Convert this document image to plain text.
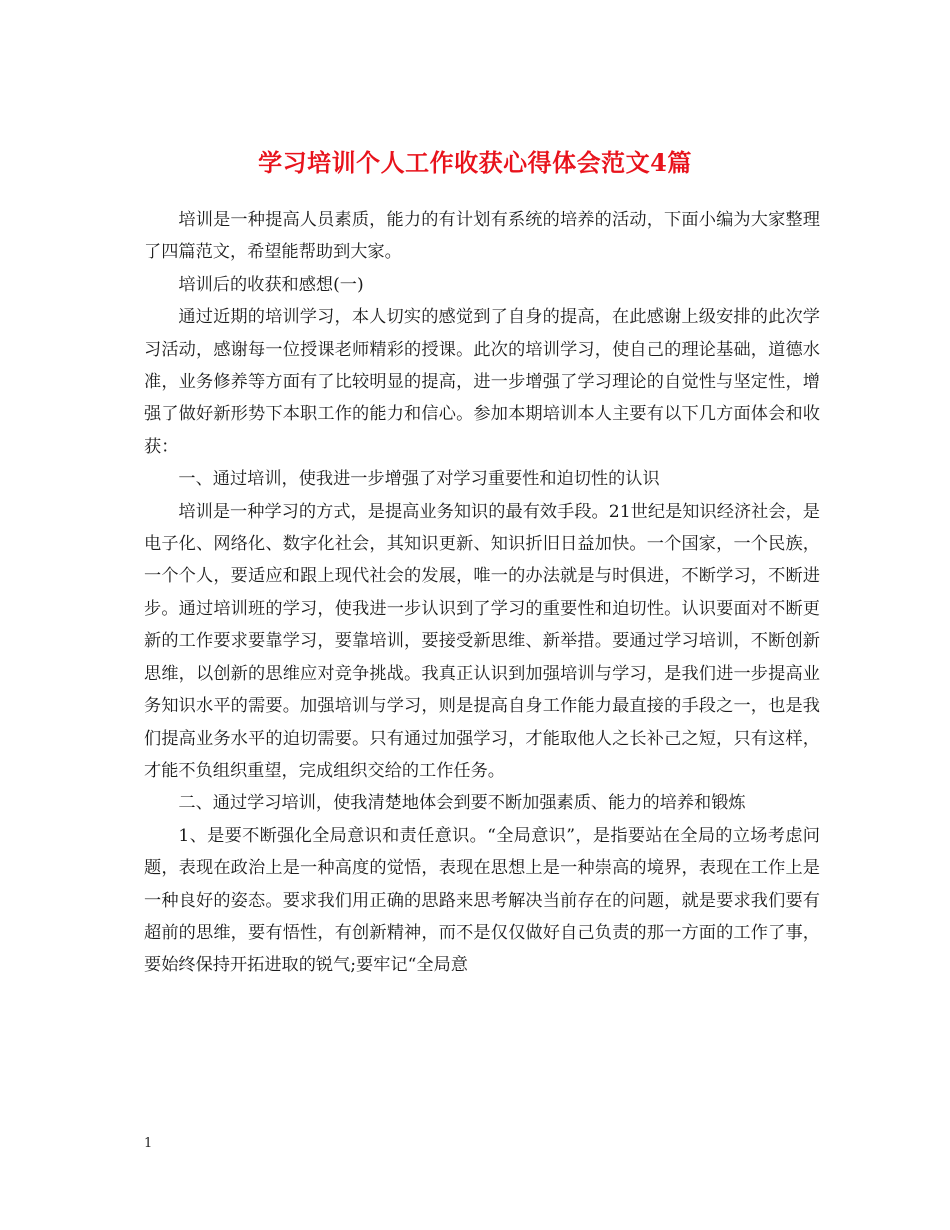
学习培训个人工作收获心得体会范文4篇

培训是一种提高人员素质，能力的有计划有系统的培养的活动，下面小编为大家整理了四篇范文，希望能帮助到大家。

培训后的收获和感想(一)

通过近期的培训学习，本人切实的感觉到了自身的提高，在此感谢上级安排的此次学习活动，感谢每一位授课老师精彩的授课。此次的培训学习，使自己的理论基础，道德水准，业务修养等方面有了比较明显的提高，进一步增强了学习理论的自觉性与坚定性，增强了做好新形势下本职工作的能力和信心。参加本期培训本人主要有以下几方面体会和收获：

一、通过培训，使我进一步增强了对学习重要性和迫切性的认识

培训是一种学习的方式，是提高业务知识的最有效手段。21世纪是知识经济社会，是电子化、网络化、数字化社会，其知识更新、知识折旧日益加快。一个国家，一个民族，一个个人，要适应和跟上现代社会的发展，唯一的办法就是与时俱进，不断学习，不断进步。通过培训班的学习，使我进一步认识到了学习的重要性和迫切性。认识要面对不断更新的工作要求要靠学习，要靠培训，要接受新思维、新举措。要通过学习培训，不断创新思维，以创新的思维应对竞争挑战。我真正认识到加强培训与学习，是我们进一步提高业务知识水平的需要。加强培训与学习，则是提高自身工作能力最直接的手段之一，也是我们提高业务水平的迫切需要。只有通过加强学习，才能取他人之长补己之短，只有这样，才能不负组织重望，完成组织交给的工作任务。

二、通过学习培训，使我清楚地体会到要不断加强素质、能力的培养和锻炼

1、是要不断强化全局意识和责任意识。“全局意识”，是指要站在全局的立场考虑问题，表现在政治上是一种高度的觉悟，表现在思想上是一种崇高的境界，表现在工作上是一种良好的姿态。要求我们用正确的思路来思考解决当前存在的问题，就是要求我们要有超前的思维，要有悟性，有创新精神，而不是仅仅做好自己负责的那一方面的工作了事，要始终保持开拓进取的锐气;要牢记“全局意

1
